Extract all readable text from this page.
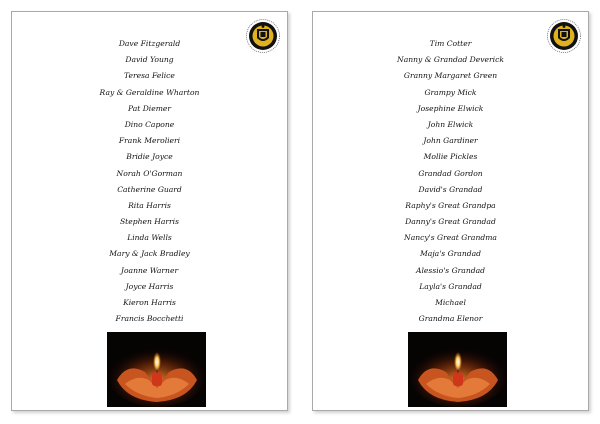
Dave Fitzgerald
David Young
Teresa Felice
Ray & Geraldine Wharton
Pat Diemer
Dino Capone
Frank Merolieri
Bridie Joyce
Norah O'Gorman
Catherine Guard
Rita Harris
Stephen Harris
Linda Wells
Mary & Jack Bradley
Joanne Warner
Joyce Harris
Kieron Harris
Francis Bocchetti
Tim Cotter
Nanny & Grandad Deverick
Granny Margaret Green
Grampy Mick
Josephine Elwick
John Elwick
John Gardiner
Mollie Pickles
Grandad Gordon
David's Grandad
Raphy's Great Grandpa
Danny's Great Grandad
Nancy's Great Grandma
Maja's Grandad
Alessio's Grandad
Layla's Grandad
Michael
Grandma Elenor
